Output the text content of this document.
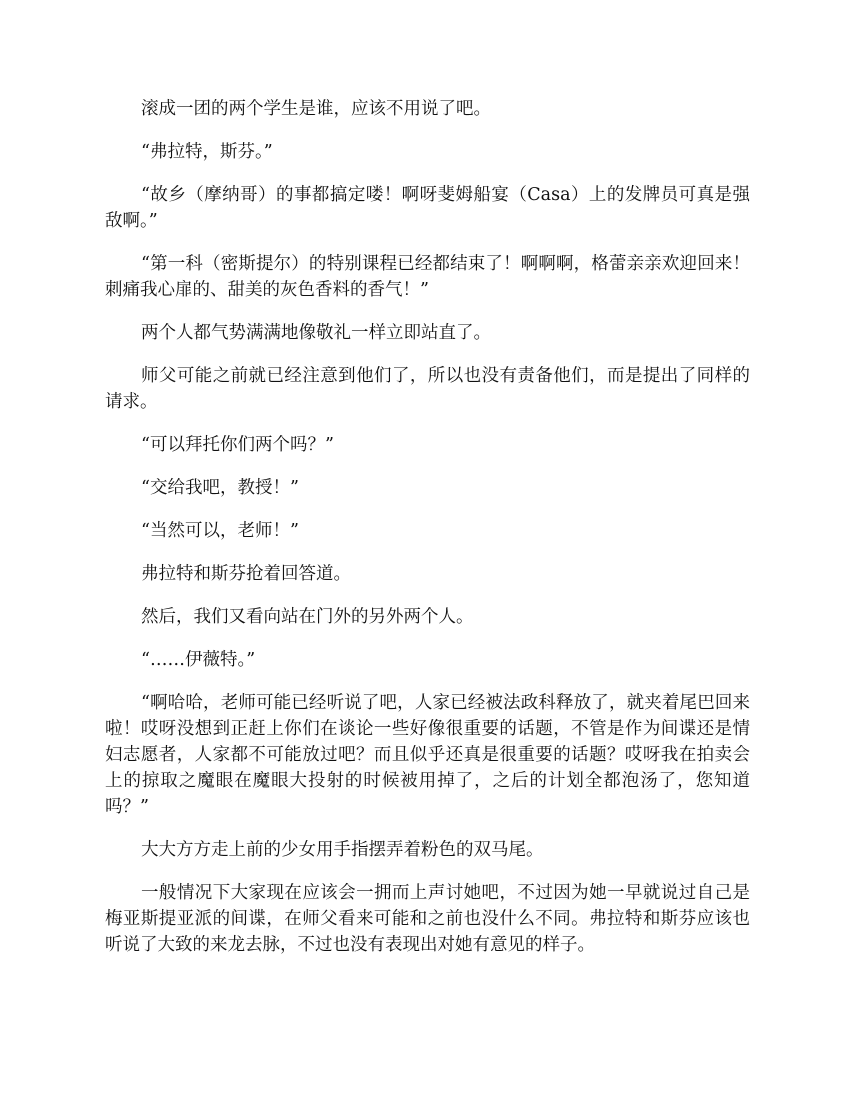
滚成一团的两个学生是谁，应该不用说了吧。

“弗拉特，斯芬。”

“故乡（摩纳哥）的事都搞定喽！啊呀斐姆船宴（Casa）上的发牌员可真是强敌啊。”

“第一科（密斯提尔）的特别课程已经都结束了！啊啊啊，格蕾亲亲欢迎回来！刺痛我心扉的、甜美的灰色香料的香气！”

两个人都气势满满地像敬礼一样立即站直了。

师父可能之前就已经注意到他们了，所以也没有责备他们，而是提出了同样的请求。

“可以拜托你们两个吗？”

“交给我吧，教授！”

“当然可以，老师！”

弗拉特和斯芬抢着回答道。

然后，我们又看向站在门外的另外两个人。

“……伊薇特。”

“啊哈哈，老师可能已经听说了吧，人家已经被法政科释放了，就夹着尾巴回来啦！哎呀没想到正赶上你们在谈论一些好像很重要的话题，不管是作为间谍还是情妇志愿者，人家都不可能放过吧？而且似乎还真是很重要的话题？哎呀我在拍卖会上的掠取之魔眼在魔眼大投射的时候被用掉了，之后的计划全都泡汤了，您知道吗？”

大大方方走上前的少女用手指摆弄着粉色的双马尾。

一般情况下大家现在应该会一拥而上声讨她吧，不过因为她一早就说过自己是梅亚斯提亚派的间谍，在师父看来可能和之前也没什么不同。弗拉特和斯芬应该也听说了大致的来龙去脉，不过也没有表现出对她有意见的样子。
